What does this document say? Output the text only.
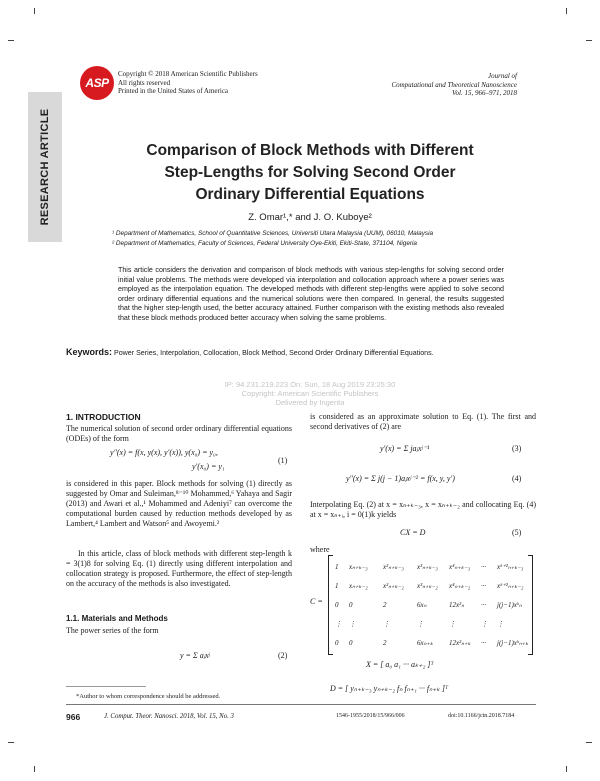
RESEARCH ARTICLE
ASP
Copyright © 2018 American Scientific Publishers
All rights reserved
Printed in the United States of America
Journal of
Computational and Theoretical Nanoscience
Vol. 15, 966–971, 2018
Comparison of Block Methods with Different
Step-Lengths for Solving Second Order
Ordinary Differential Equations
Z. Omar¹,* and J. O. Kuboye²
¹ Department of Mathematics, School of Quantitative Sciences, Universiti Utara Malaysia (UUM), 06010, Malaysia
² Department of Mathematics, Faculty of Sciences, Federal University Oye-Ekiti, Ekiti-State, 371104, Nigeria
This article considers the derivation and comparison of block methods with various step-lengths for solving second order initial value problems. The methods were developed via interpolation and collocation approach where a power series was employed as the interpolation equation. The developed methods with different step-lengths were applied to solve second order ordinary differential equations and the numerical solutions were then compared. In general, the results suggested that the higher step-length used, the better accuracy attained. Further comparison with the existing methods also revealed that these block methods produced better accuracy when solving the same problems.
Keywords: Power Series, Interpolation, Collocation, Block Method, Second Order Ordinary Differential Equations.
IP: 94.231.219.223 On: Sun, 18 Aug 2019 23:25:30
Copyright: American Scientific Publishers
Delivered by Ingenta
1. INTRODUCTION
The numerical solution of second order ordinary differential equations (ODEs) of the form
y″(x) = f(x, y(x), y′(x)), y(x₀) = y₀,
y′(x₀) = y₁
(1)
is considered in this paper. Block methods for solving (1) directly as suggested by Omar and Suleiman,⁸⁻¹⁰ Mohammed,⁶ Yahaya and Sagir (2013) and Awari et al.,¹ Mohammed and Adeniyi⁷ can overcome the computational burden caused by reduction methods developed by as Lambert,⁴ Lambert and Watson⁵ and Awoyemi.²
In this article, class of block methods with different step-length k = 3(1)8 for solving Eq. (1) directly using different interpolation and collocation strategy is proposed. Furthermore, the effect of step-length on the accuracy of the methods is also investigated.
1.1. Materials and Methods
The power series of the form
y = Σ aⱼxʲ	(2)
*Author to whom correspondence should be addressed.
is considered as an approximate solution to Eq. (1). The first and second derivatives of (2) are
y′(x) = Σ jaⱼxʲ⁻¹	(3)
y″(x) = Σ j(j − 1)aⱼxʲ⁻² = f(x, y, y′)	(4)
Interpolating Eq. (2) at x = xₙ₊ₖ₋₃, x = xₙ₊ₖ₋₂ and collocating Eq. (4) at x = xₙ₊ᵢ, i = 0(1)k yields
CX = D	(5)
where
C =
1	xₙ₊ₖ₋₃	x²ₙ₊ₖ₋₃	x³ₙ₊ₖ₋₃	x⁴ₙ₊ₖ₋₃	···	xᵏ⁺²ₙ₊ₖ₋₃
1	xₙ₊ₖ₋₂	x²ₙ₊ₖ₋₂	x³ₙ₊ₖ₋₂	x⁴ₙ₊ₖ₋₂	···	xᵏ⁺²ₙ₊ₖ₋₂
0	0	2	6xₙ	12x²ₙ	···	j(j−1)xᵏₙ
⋮	⋮	⋮	⋮	⋮	⋮	⋮
0	0	2	6xₙ₊ₖ	12x²ₙ₊ₖ	···	j(j−1)xᵏₙ₊ₖ
X = [ a₀ a₁ ··· aₖ₊₂ ]ᵀ
D = [ yₙ₊ₖ₋₃ yₙ₊ₖ₋₂ fₙ fₙ₊₁ ··· fₙ₊ₖ ]ᵀ
966	J. Comput. Theor. Nanosci. 2018, Vol. 15, No. 3	1546-1955/2018/15/966/006	doi:10.1166/jctn.2018.7184
